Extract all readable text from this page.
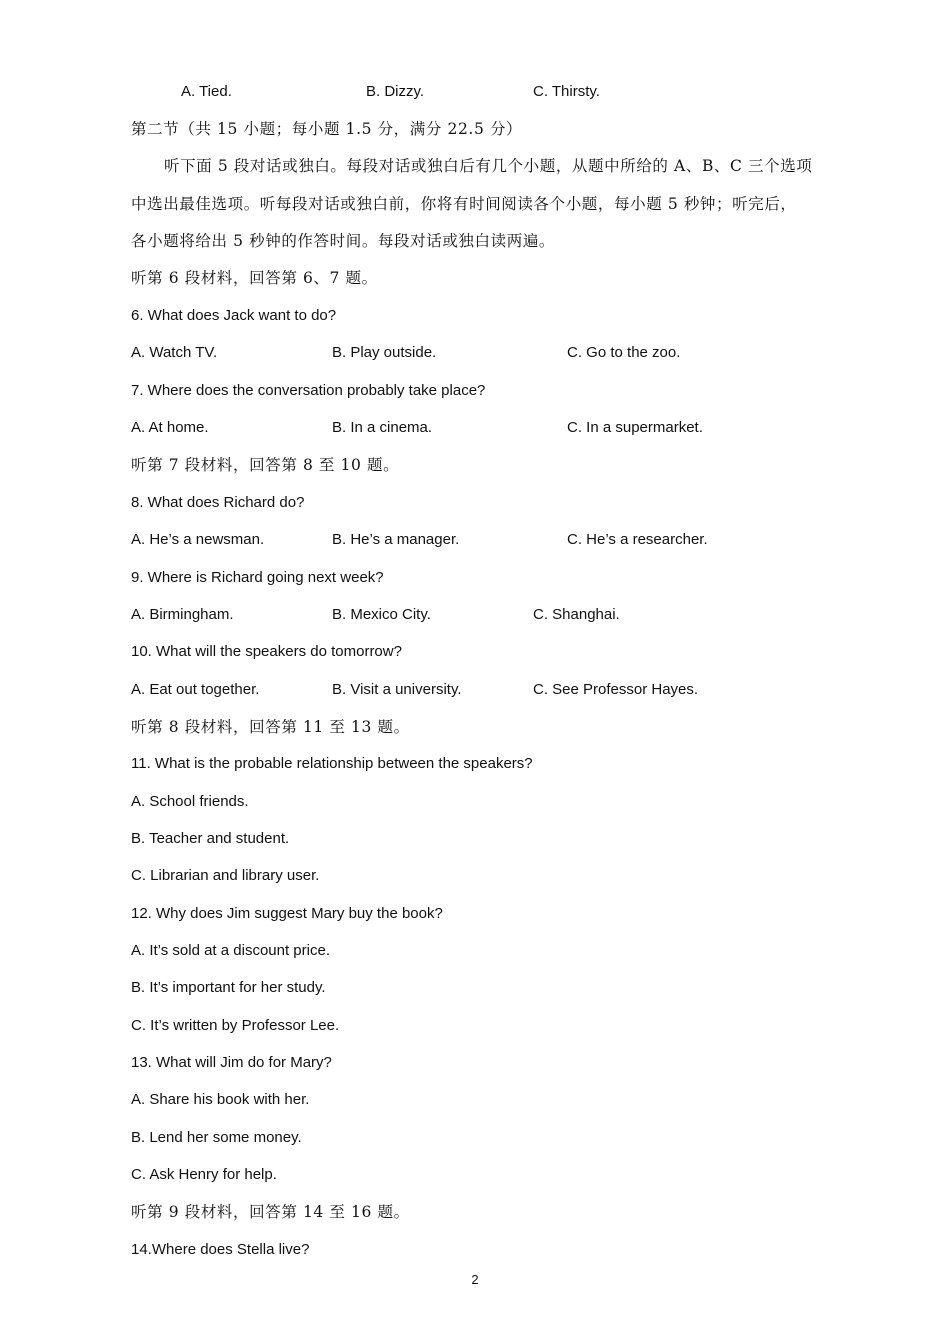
A. Tied.	B. Dizzy.	C. Thirsty.
第二节（共 15 小题；每小题 1.5 分，满分 22.5 分）
听下面 5 段对话或独白。每段对话或独白后有几个小题，从题中所给的 A、B、C 三个选项
中选出最佳选项。听每段对话或独白前，你将有时间阅读各个小题，每小题 5 秒钟；听完后，
各小题将给出 5 秒钟的作答时间。每段对话或独白读两遍。
听第 6 段材料，回答第 6、7 题。
6. What does Jack want to do?
A. Watch TV.	B. Play outside.	C. Go to the zoo.
7. Where does the conversation probably take place?
A. At home.	B. In a cinema.	C. In a supermarket.
听第 7 段材料，回答第 8 至 10 题。
8. What does Richard do?
A. He’s a newsman.	B. He’s a manager.	C. He’s a researcher.
9. Where is Richard going next week?
A. Birmingham.	B. Mexico City.	C. Shanghai.
10. What will the speakers do tomorrow?
A. Eat out together.	B. Visit a university.	C. See Professor Hayes.
听第 8 段材料，回答第 11 至 13 题。
11. What is the probable relationship between the speakers?
A. School friends.
B. Teacher and student.
C. Librarian and library user.
12. Why does Jim suggest Mary buy the book?
A. It’s sold at a discount price.
B. It’s important for her study.
C. It’s written by Professor Lee.
13. What will Jim do for Mary?
A. Share his book with her.
B. Lend her some money.
C. Ask Henry for help.
听第 9 段材料，回答第 14 至 16 题。
14.Where does Stella live?
2
